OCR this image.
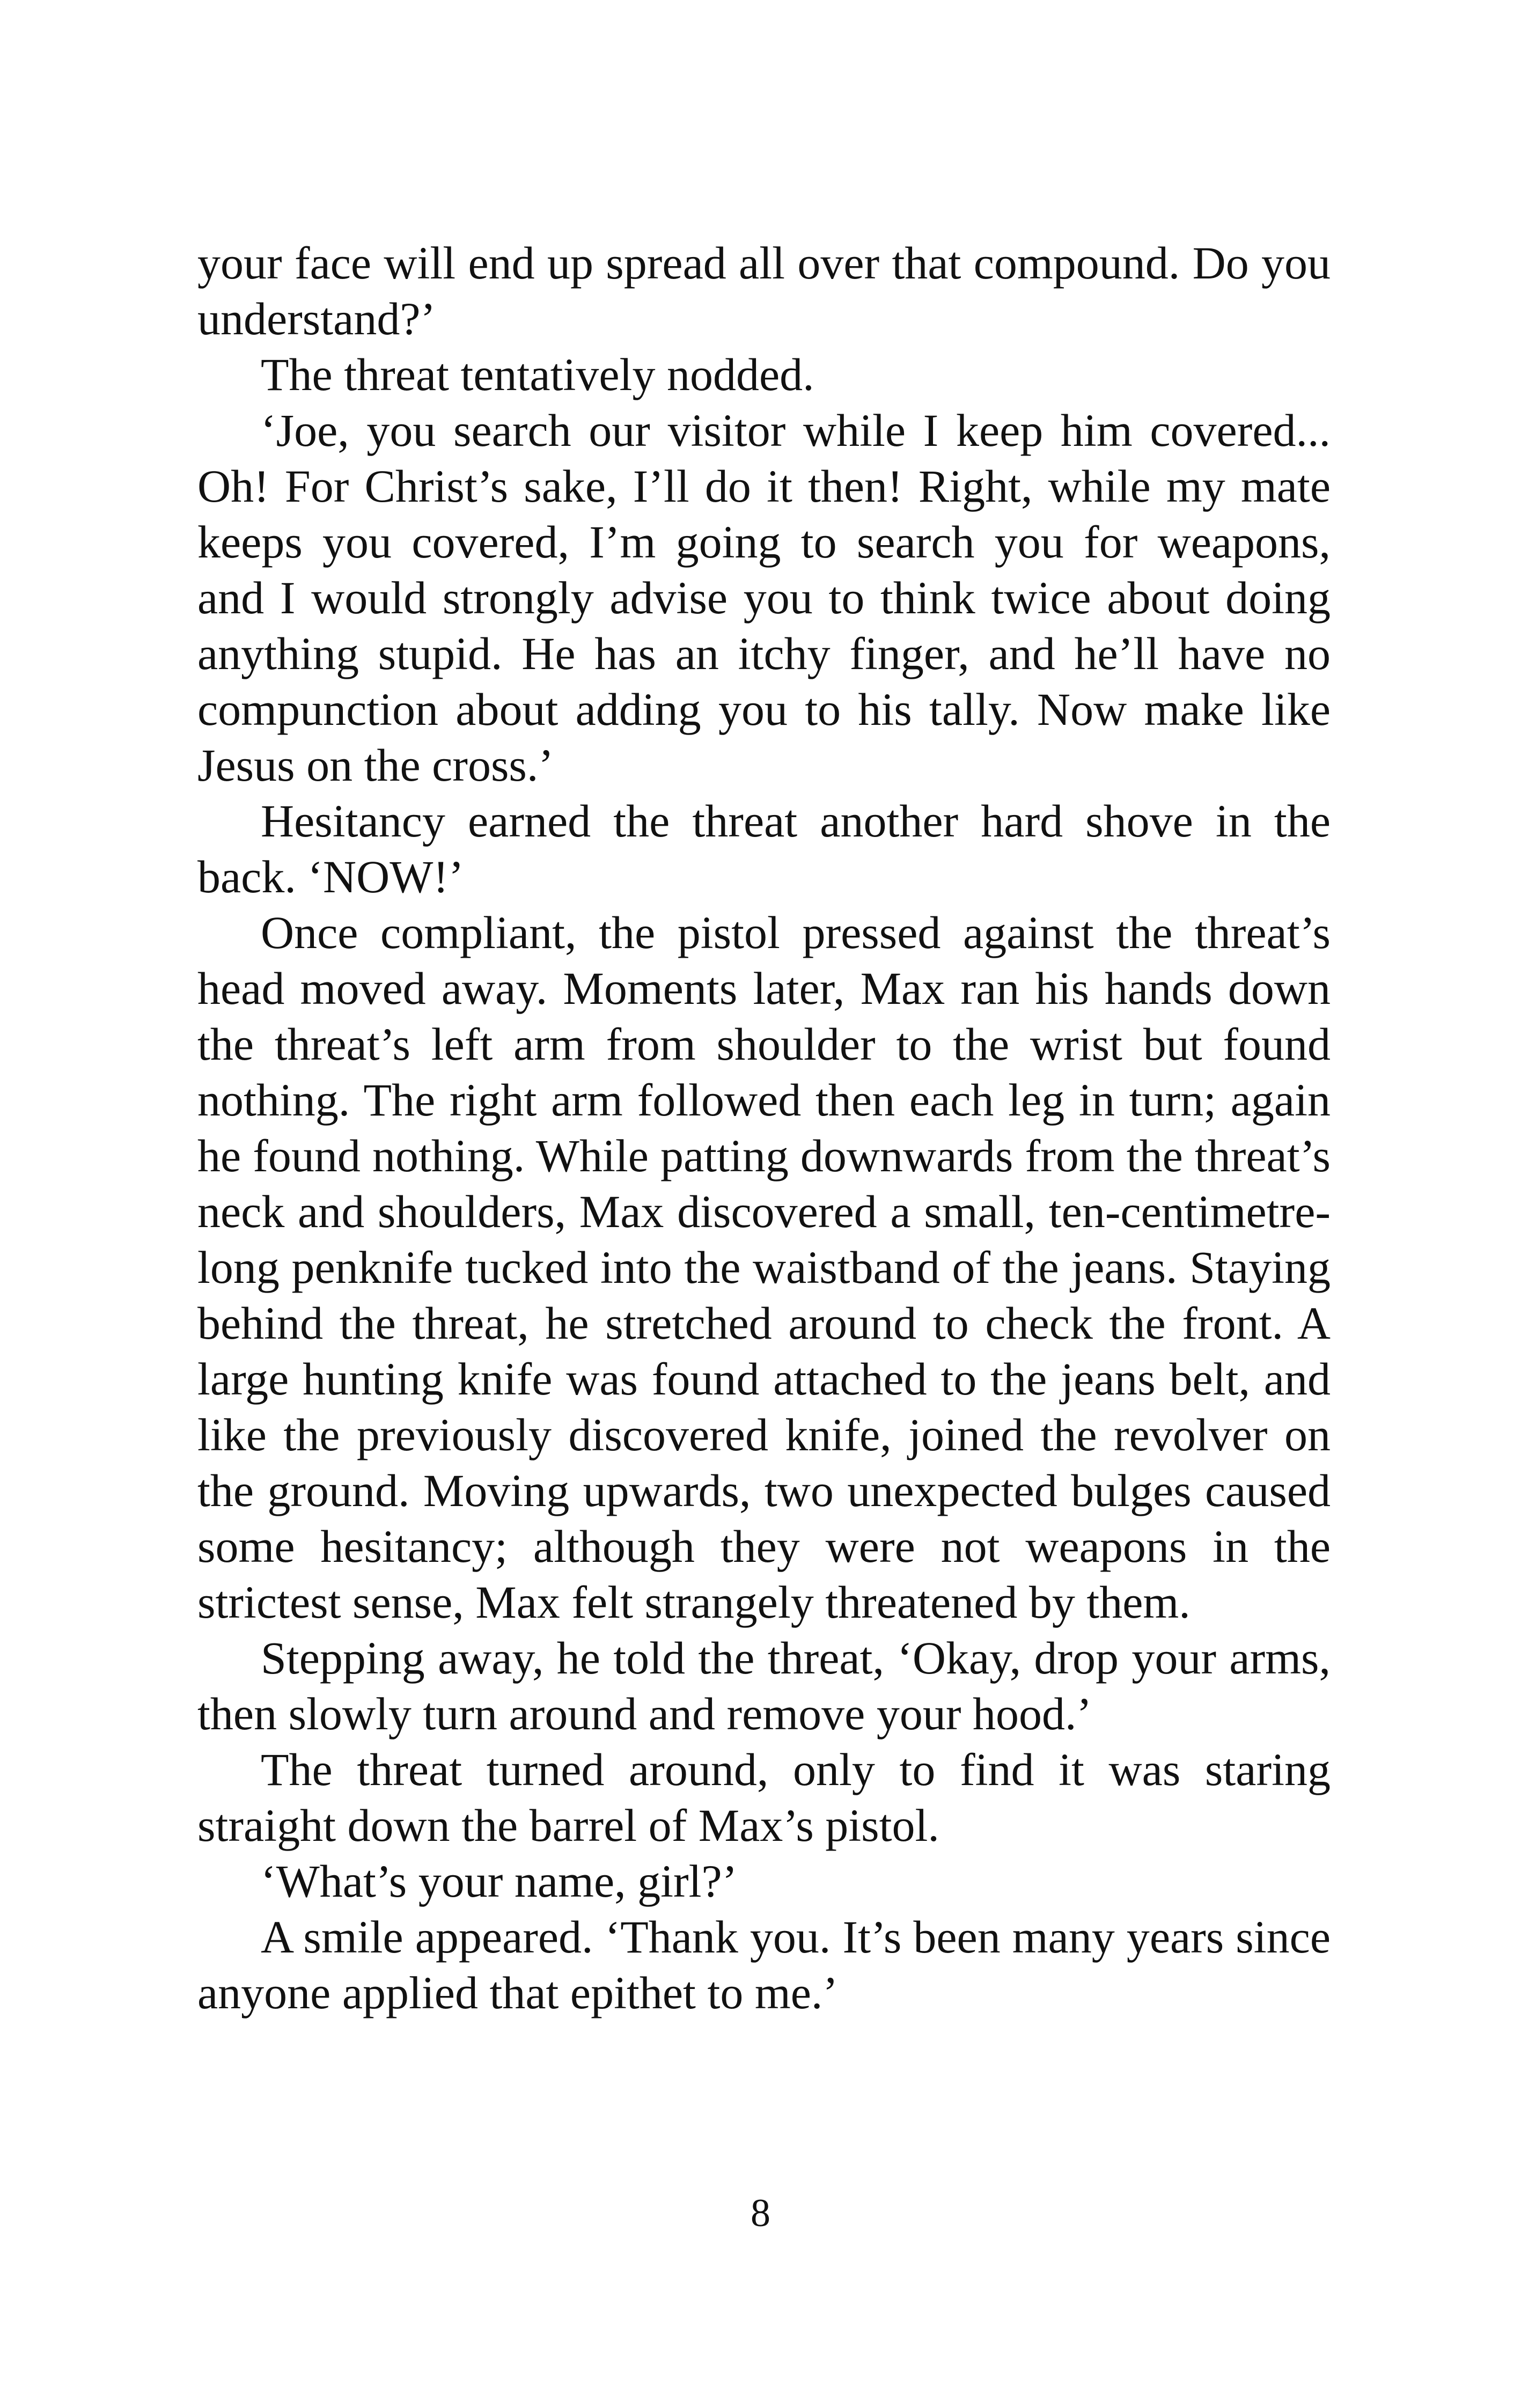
your face will end up spread all over that compound. Do you understand?’

The threat tentatively nodded.

‘Joe, you search our visitor while I keep him covered... Oh! For Christ’s sake, I’ll do it then! Right, while my mate keeps you covered, I’m going to search you for weapons, and I would strongly advise you to think twice about doing anything stupid. He has an itchy finger, and he’ll have no compunction about adding you to his tally. Now make like Jesus on the cross.’

Hesitancy earned the threat another hard shove in the back. ‘NOW!’

Once compliant, the pistol pressed against the threat’s head moved away. Moments later, Max ran his hands down the threat’s left arm from shoulder to the wrist but found nothing. The right arm followed then each leg in turn; again he found nothing. While patting downwards from the threat’s neck and shoulders, Max discovered a small, ten-centimetre-long penknife tucked into the waistband of the jeans. Staying behind the threat, he stretched around to check the front. A large hunting knife was found attached to the jeans belt, and like the previously discovered knife, joined the revolver on the ground. Moving upwards, two unexpected bulges caused some hesitancy; although they were not weapons in the strictest sense, Max felt strangely threatened by them.

Stepping away, he told the threat, ‘Okay, drop your arms, then slowly turn around and remove your hood.’

The threat turned around, only to find it was staring straight down the barrel of Max’s pistol.

‘What’s your name, girl?’

A smile appeared. ‘Thank you. It’s been many years since anyone applied that epithet to me.’

8
